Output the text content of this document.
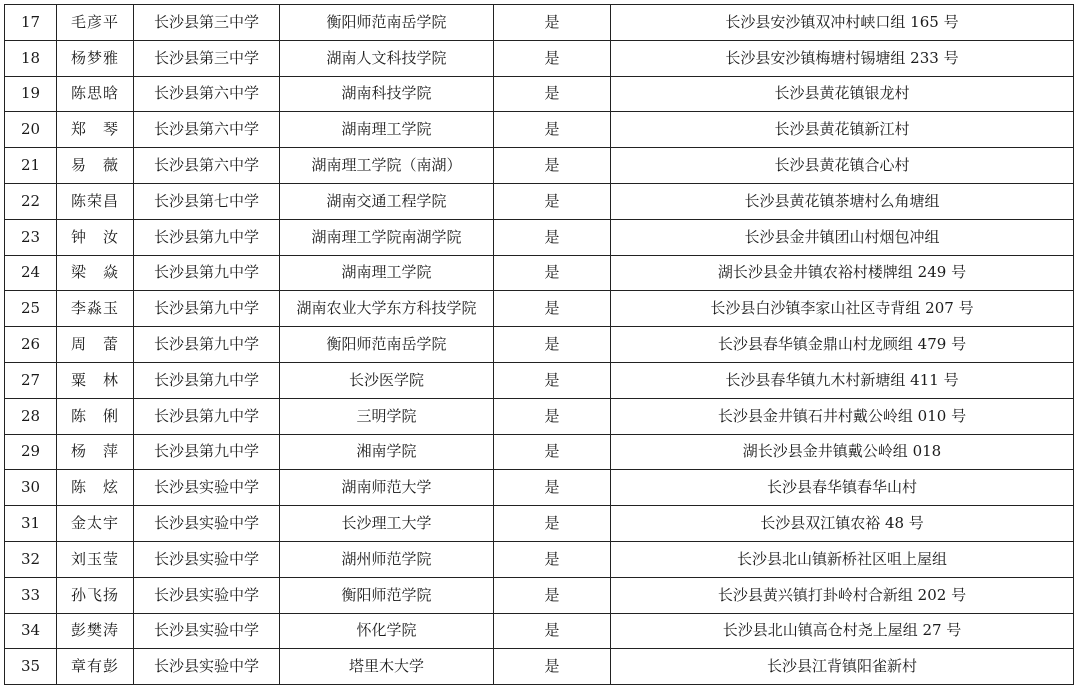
17	毛彦平	长沙县第三中学	衡阳师范南岳学院	是	长沙县安沙镇双冲村峡口组 165 号
18	杨梦雅	长沙县第三中学	湖南人文科技学院	是	长沙县安沙镇梅塘村锡塘组 233 号
19	陈思晗	长沙县第六中学	湖南科技学院	是	长沙县黄花镇银龙村
20	郑　琴	长沙县第六中学	湖南理工学院	是	长沙县黄花镇新江村
21	易　薇	长沙县第六中学	湖南理工学院（南湖）	是	长沙县黄花镇合心村
22	陈荣昌	长沙县第七中学	湖南交通工程学院	是	长沙县黄花镇茶塘村么角塘组
23	钟　汝	长沙县第九中学	湖南理工学院南湖学院	是	长沙县金井镇团山村烟包冲组
24	梁　焱	长沙县第九中学	湖南理工学院	是	湖长沙县金井镇农裕村楼牌组 249 号
25	李淼玉	长沙县第九中学	湖南农业大学东方科技学院	是	长沙县白沙镇李家山社区寺背组 207 号
26	周　蕾	长沙县第九中学	衡阳师范南岳学院	是	长沙县春华镇金鼎山村龙顾组 479 号
27	粟　林	长沙县第九中学	长沙医学院	是	长沙县春华镇九木村新塘组 411 号
28	陈　俐	长沙县第九中学	三明学院	是	长沙县金井镇石井村戴公岭组 010 号
29	杨　萍	长沙县第九中学	湘南学院	是	湖长沙县金井镇戴公岭组 018
30	陈　炫	长沙县实验中学	湖南师范大学	是	长沙县春华镇春华山村
31	金太宇	长沙县实验中学	长沙理工大学	是	长沙县双江镇农裕 48 号
32	刘玉莹	长沙县实验中学	湖州师范学院	是	长沙县北山镇新桥社区咀上屋组
33	孙飞扬	长沙县实验中学	衡阳师范学院	是	长沙县黄兴镇打卦岭村合新组 202 号
34	彭樊涛	长沙县实验中学	怀化学院	是	长沙县北山镇高仓村尧上屋组 27 号
35	章有彭	长沙县实验中学	塔里木大学	是	长沙县江背镇阳雀新村
